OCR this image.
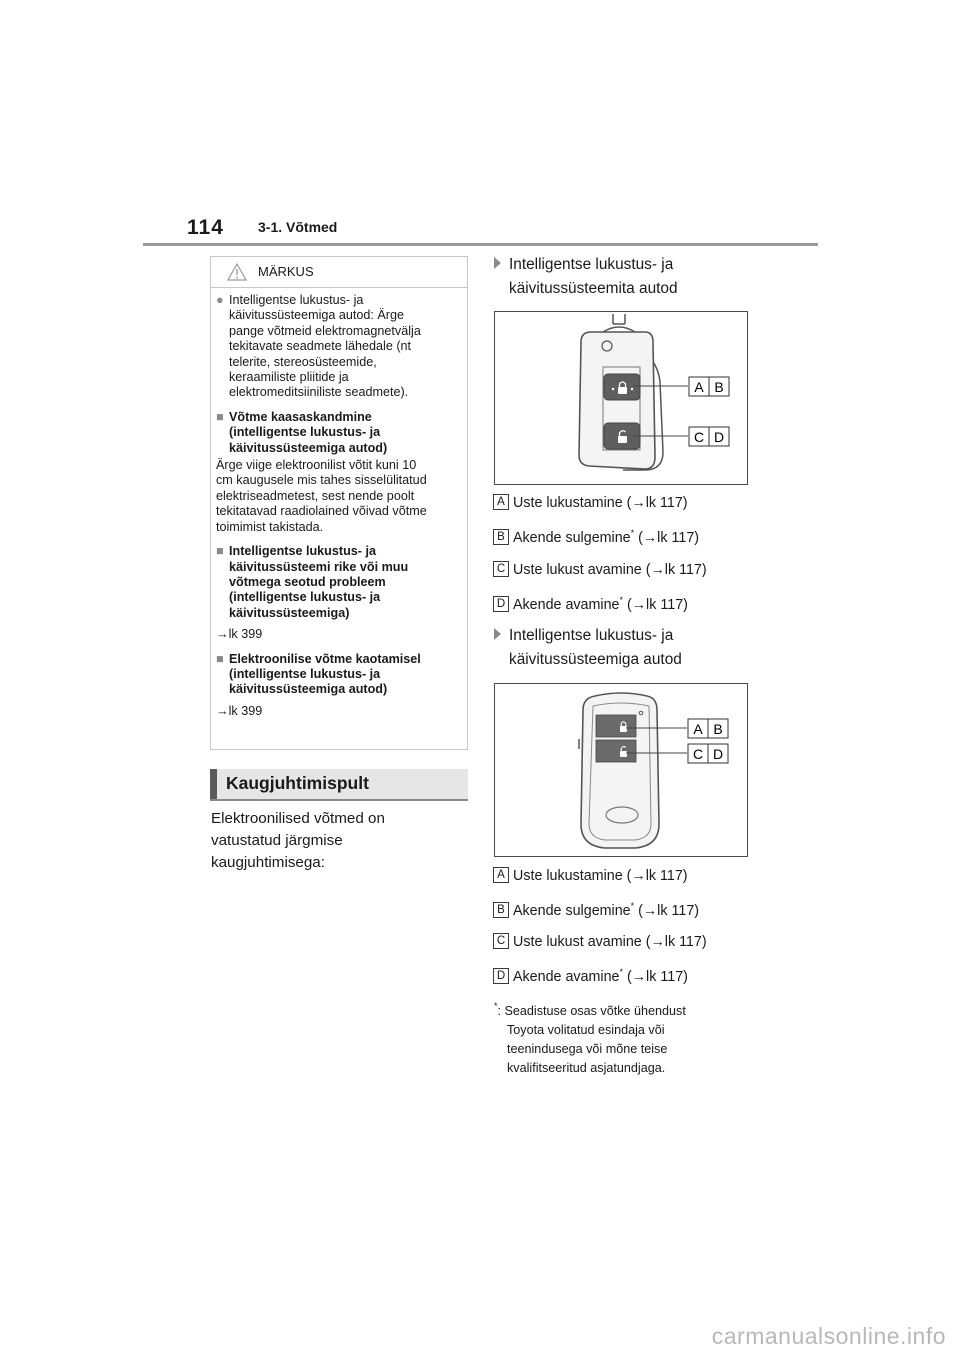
114 3-1. Võtmed
MÄRKUS
● Intelligentse lukustus- ja
käivitussüsteemiga autod: Ärge
pange võtmeid elektromagnetvälja
tekitavate seadmete lähedale (nt
telerite, stereosüsteemide,
keraamiliste pliitide ja
elektromeditsiiniliste seadmete).
■ Võtme kaasaskandmine
(intelligentse lukustus- ja
käivitussüsteemiga autod)
Ärge viige elektroonilist võtit kuni 10
cm kaugusele mis tahes sisselülitatud
elektriseadmetest, sest nende poolt
tekitatavad raadiolained võivad võtme
toimimist takistada.
■ Intelligentse lukustus- ja
käivitussüsteemi rike või muu
võtmega seotud probleem
(intelligentse lukustus- ja
käivitussüsteemiga)
→lk 399
■ Elektroonilise võtme kaotamisel
(intelligentse lukustus- ja
käivitussüsteemiga autod)
→lk 399
Kaugjuhtimispult
Elektroonilised võtmed on
vatustatud järgmise
kaugjuhtimisega:
Intelligentse lukustus- ja
käivitussüsteemita autod
A B
C D
A Uste lukustamine (→lk 117)
B Akende sulgemine* (→lk 117)
C Uste lukust avamine (→lk 117)
D Akende avamine* (→lk 117)
Intelligentse lukustus- ja
käivitussüsteemiga autod
A B
C D
A Uste lukustamine (→lk 117)
B Akende sulgemine* (→lk 117)
C Uste lukust avamine (→lk 117)
D Akende avamine* (→lk 117)
*: Seadistuse osas võtke ühendust
Toyota volitatud esindaja või
teenindusega või mõne teise
kvalifitseeritud asjatundjaga.
carmanualsonline.info
